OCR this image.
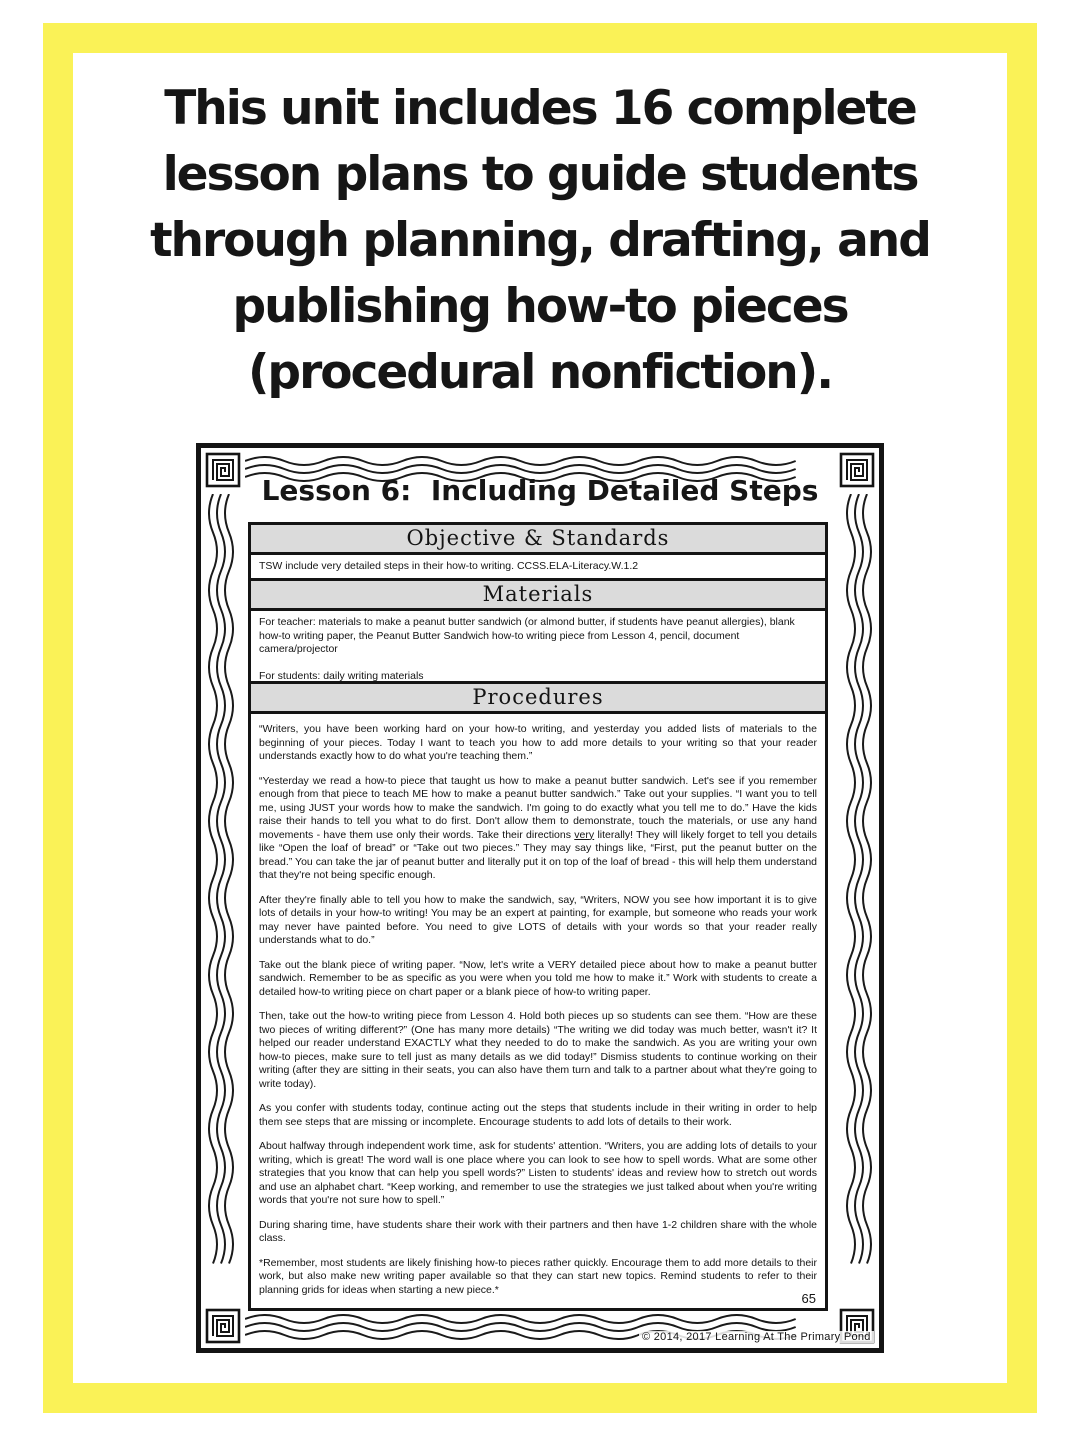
This unit includes 16 complete
lesson plans to guide students
through planning, drafting, and
publishing how-to pieces
(procedural nonfiction).
Lesson 6:  Including Detailed Steps
Objective & Standards
TSW include very detailed steps in their how-to writing. CCSS.ELA-Literacy.W.1.2
Materials

For teacher: materials to make a peanut butter sandwich (or almond butter, if students have peanut allergies), blank how-to writing paper, the Peanut Butter Sandwich how-to writing piece from Lesson 4, pencil, document camera/projector

For students: daily writing materials

Procedures

“Writers, you have been working hard on your how-to writing, and yesterday you added lists of materials to the beginning of your pieces. Today I want to teach you how to add more details to your writing so that your reader understands exactly how to do what you're teaching them.”

“Yesterday we read a how-to piece that taught us how to make a peanut butter sandwich. Let's see if you remember enough from that piece to teach ME how to make a peanut butter sandwich.” Take out your supplies. “I want you to tell me, using JUST your words how to make the sandwich. I'm going to do exactly what you tell me to do.” Have the kids raise their hands to tell you what to do first. Don't allow them to demonstrate, touch the materials, or use any hand movements - have them use only their words. Take their directions very literally! They will likely forget to tell you details like “Open the loaf of bread” or “Take out two pieces.” They may say things like, “First, put the peanut butter on the bread.” You can take the jar of peanut butter and literally put it on top of the loaf of bread - this will help them understand that they're not being specific enough.

After they're finally able to tell you how to make the sandwich, say, “Writers, NOW you see how important it is to give lots of details in your how-to writing! You may be an expert at painting, for example, but someone who reads your work may never have painted before. You need to give LOTS of details with your words so that your reader really understands what to do.”

Take out the blank piece of writing paper. “Now, let's write a VERY detailed piece about how to make a peanut butter sandwich. Remember to be as specific as you were when you told me how to make it.” Work with students to create a detailed how-to writing piece on chart paper or a blank piece of how-to writing paper.

Then, take out the how-to writing piece from Lesson 4. Hold both pieces up so students can see them. “How are these two pieces of writing different?” (One has many more details) “The writing we did today was much better, wasn't it? It helped our reader understand EXACTLY what they needed to do to make the sandwich. As you are writing your own how-to pieces, make sure to tell just as many details as we did today!” Dismiss students to continue working on their writing (after they are sitting in their seats, you can also have them turn and talk to a partner about what they're going to write today).

As you confer with students today, continue acting out the steps that students include in their writing in order to help them see steps that are missing or incomplete. Encourage students to add lots of details to their work.

About halfway through independent work time, ask for students' attention. “Writers, you are adding lots of details to your writing, which is great! The word wall is one place where you can look to see how to spell words. What are some other strategies that you know that can help you spell words?” Listen to students' ideas and review how to stretch out words and use an alphabet chart. “Keep working, and remember to use the strategies we just talked about when you're writing words that you're not sure how to spell.”

During sharing time, have students share their work with their partners and then have 1-2 children share with the whole class.

*Remember, most students are likely finishing how-to pieces rather quickly. Encourage them to add more details to their work, but also make new writing paper available so that they can start new topics. Remind students to refer to their planning grids for ideas when starting a new piece.*

65
© 2014, 2017 Learning At The Primary Pond
